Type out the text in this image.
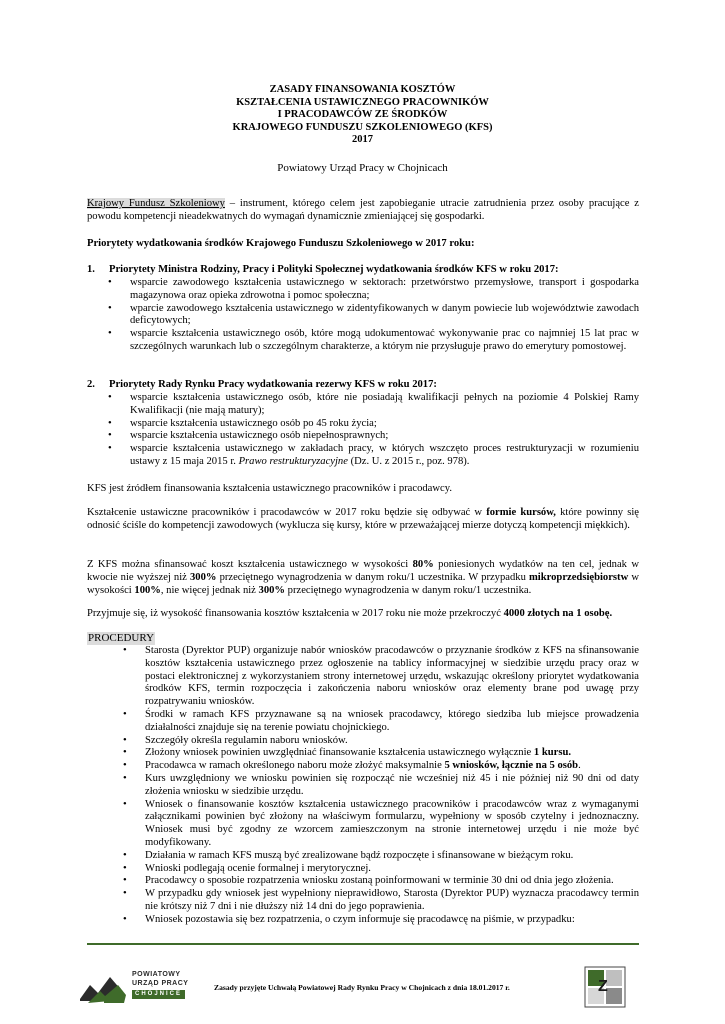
ZASADY FINANSOWANIA KOSZTÓW
KSZTAŁCENIA USTAWICZNEGO PRACOWNIKÓW
I PRACODAWCÓW ZE ŚRODKÓW
KRAJOWEGO FUNDUSZU SZKOLENIOWEGO (KFS)
2017
Powiatowy Urząd Pracy w Chojnicach
Krajowy Fundusz Szkoleniowy – instrument, którego celem jest zapobieganie utracie zatrudnienia przez osoby pracujące z powodu kompetencji nieadekwatnych do wymagań dynamicznie zmieniającej się gospodarki.
Priorytety wydatkowania środków Krajowego Funduszu Szkoleniowego w 2017 roku:
1. Priorytety Ministra Rodziny, Pracy i Polityki Społecznej wydatkowania środków KFS w roku 2017:
• wsparcie zawodowego kształcenia ustawicznego w sektorach: przetwórstwo przemysłowe, transport i gospodarka magazynowa oraz opieka zdrowotna i pomoc społeczna;
• wparcie zawodowego kształcenia ustawicznego w zidentyfikowanych w danym powiecie lub województwie zawodach deficytowych;
• wsparcie kształcenia ustawicznego osób, które mogą udokumentować wykonywanie prac co najmniej 15 lat prac w szczególnych warunkach lub o szczególnym charakterze, a którym nie przysługuje prawo do emerytury pomostowej.
2. Priorytety Rady Rynku Pracy wydatkowania rezerwy KFS w roku 2017:
• wsparcie kształcenia ustawicznego osób, które nie posiadają kwalifikacji pełnych na poziomie 4 Polskiej Ramy Kwalifikacji (nie mają matury);
• wsparcie kształcenia ustawicznego osób po 45 roku życia;
• wsparcie kształcenia ustawicznego osób niepełnosprawnych;
• wsparcie kształcenia ustawicznego w zakładach pracy, w których wszczęto proces restrukturyzacji w rozumieniu ustawy z 15 maja 2015 r. Prawo restrukturyzacyjne (Dz. U. z 2015 r., poz. 978).
KFS jest źródłem finansowania kształcenia ustawicznego pracowników i pracodawcy.
Kształcenie ustawiczne pracowników i pracodawców w 2017 roku będzie się odbywać w formie kursów, które powinny się odnosić ściśle do kompetencji zawodowych (wykluczа się kursy, które w przeważającej mierze dotyczą kompetencji miękkich).
Z KFS można sfinansować koszt kształcenia ustawicznego w wysokości 80% poniesionych wydatków na ten cel, jednak w kwocie nie wyższej niż 300% przeciętnego wynagrodzenia w danym roku/1 uczestnika. W przypadku mikroprzedsiębiorstw w wysokości 100%, nie więcej jednak niż 300% przeciętnego wynagrodzenia w danym roku/1 uczestnika.
Przyjmuje się, iż wysokość finansowania kosztów kształcenia w 2017 roku nie może przekroczyć 4000 złotych na 1 osobę.
PROCEDURY
• Starosta (Dyrektor PUP) organizuje nabór wniosków pracodawców o przyznanie środków z KFS na sfinansowanie kosztów kształcenia ustawicznego przez ogłoszenie na tablicy informacyjnej w siedzibie urzędu pracy oraz w postaci elektronicznej z wykorzystaniem strony internetowej urzędu, wskazując określony priorytet wydatkowania środków KFS, termin rozpoczęcia i zakończenia naboru wniosków oraz elementy brane pod uwagę przy rozpatrywaniu wniosków.
• Środki w ramach KFS przyznawane są na wniosek pracodawcy, którego siedziba lub miejsce prowadzenia działalności znajduje się na terenie powiatu chojnickiego.
• Szczegóły określa regulamin naboru wniosków.
• Złożony wniosek powinien uwzględniać finansowanie kształcenia ustawicznego wyłącznie 1 kursu.
• Pracodawca w ramach określonego naboru może złożyć maksymalnie 5 wniosków, łącznie na 5 osób.
• Kurs uwzględniony we wniosku powinien się rozpocząć nie wcześniej niż 45 i nie później niż 90 dni od daty złożenia wniosku w siedzibie urzędu.
• Wniosek o finansowanie kosztów kształcenia ustawicznego pracowników i pracodawców wraz z wymaganymi załącznikami powinien być złożony na właściwym formularzu, wypełniony w sposób czytelny i jednoznaczny. Wniosek musi być zgodny ze wzorcem zamieszczonym na stronie internetowej urzędu i nie może być modyfikowany.
• Działania w ramach KFS muszą być zrealizowane bądź rozpoczęte i sfinansowane w bieżącym roku.
• Wnioski podlegają ocenie formalnej i merytorycznej.
• Pracodawcy o sposobie rozpatrzenia wniosku zostaną poinformowani w terminie 30 dni od dnia jego złożenia.
• W przypadku gdy wniosek jest wypełniony nieprawidłowo, Starosta (Dyrektor PUP) wyznacza pracodawcy termin nie krótszy niż 7 dni i nie dłuższy niż 14 dni do jego poprawienia.
• Wniosek pozostawia się bez rozpatrzenia, o czym informuje się pracodawcę na piśmie, w przypadku:
POWIATOWY
URZĄD PRACY
CHOJNICE
Zasady przyjęte Uchwałą Powiatowej Rady Rynku Pracy w Chojnicach z dnia 18.01.2017 r.	Z
